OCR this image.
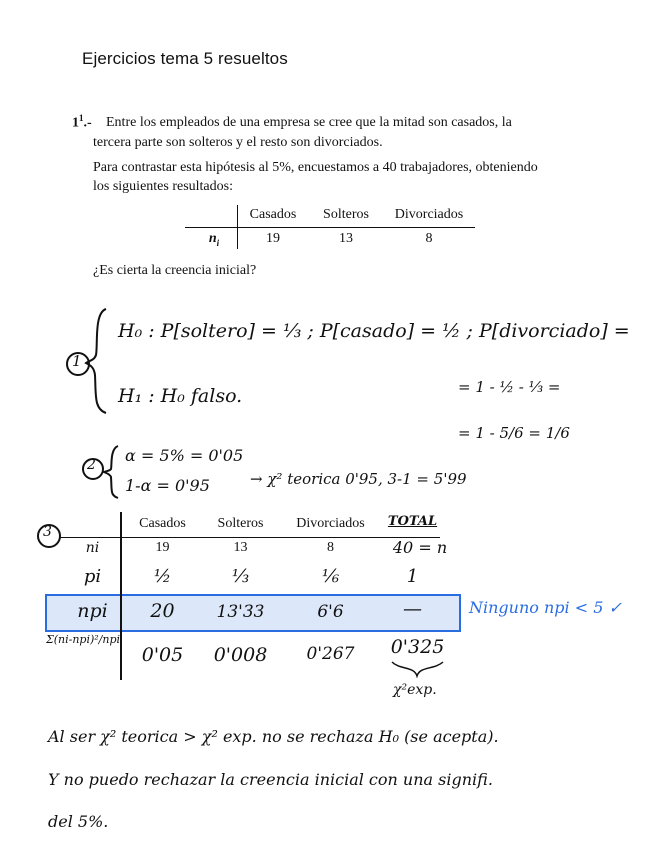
Ejercicios tema 5 resueltos
$1^1.-$ Entre los empleados de una empresa se cree que la mitad son casados, la
tercera parte son solteros y el resto son divorciados.
Para contrastar esta hipótesis al 5%, encuestamos a 40 trabajadores, obteniendo
los siguientes resultados:
Casados	Solteros	Divorciados
$n_i$	19	13	8
¿Es cierta la creencia inicial?
1
H₀ : P[soltero] = ⅓ ; P[casado] = ½ ; P[divorciado] =
H₁ : H₀ falso.	= 1 - ½ - ⅓ =
= 1 - 5/6 = 1/6
2 α = 5% = 0'05
1-α = 0'95	→ χ² teorica 0'95, 3-1 = 5'99
3
Casados	Solteros	Divorciados	TOTAL
ni	19	13	8	40 = n
pi	½	⅓	⅙	1
npi	20	13'33	6'6	—
Σ(ni-npi)²/npi
0'05	0'008	0'267	0'325
χ²exp.
Ninguno npi < 5 ✓
Al ser χ² teorica > χ² exp. no se rechaza H₀ (se acepta).
Y no puedo rechazar la creencia inicial con una signifi.
del 5%.
